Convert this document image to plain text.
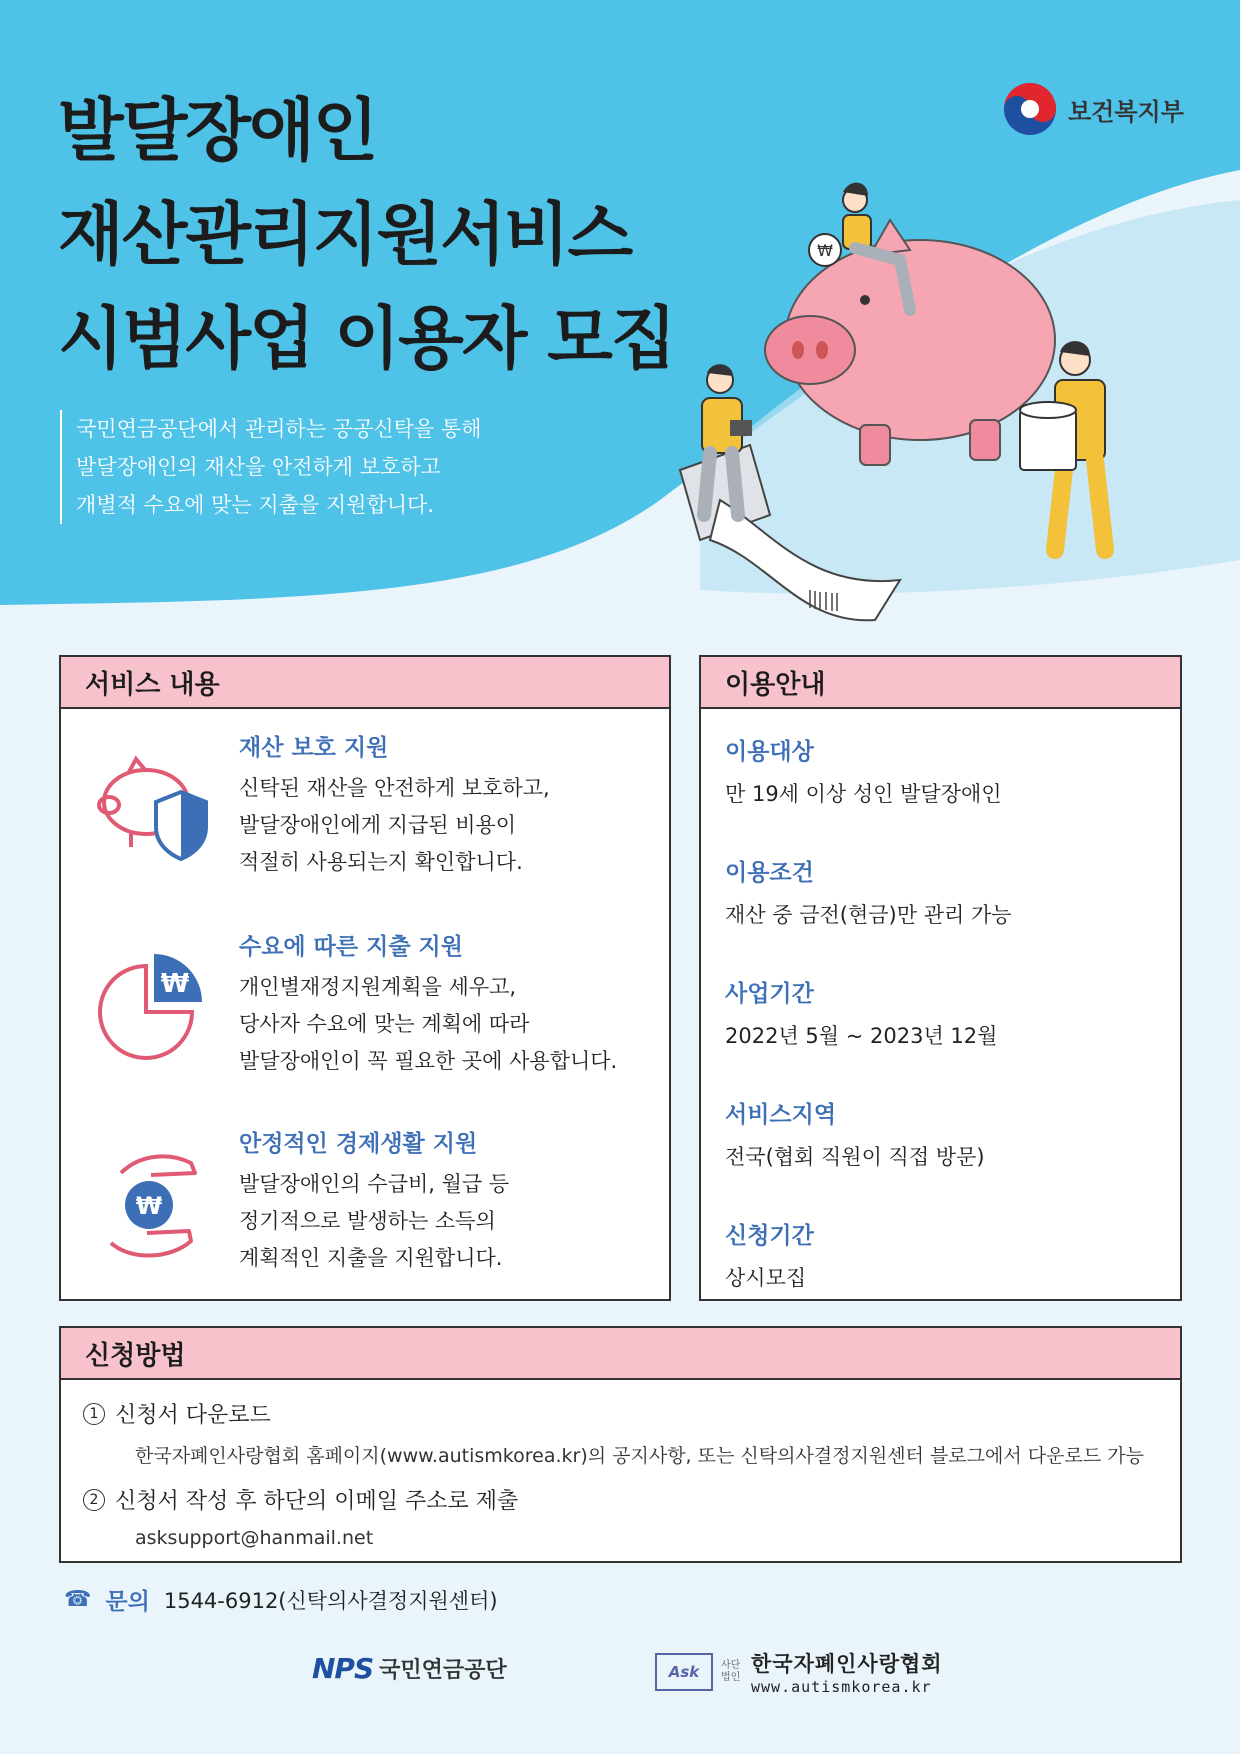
발달장애인
재산관리지원서비스
시범사업 이용자 모집
보건복지부
국민연금공단에서 관리하는 공공신탁을 통해
발달장애인의 재산을 안전하게 보호하고
개별적 수요에 맞는 지출을 지원합니다.
₩
서비스 내용
재산 보호 지원
신탁된 재산을 안전하게 보호하고,
발달장애인에게 지급된 비용이
적절히 사용되는지 확인합니다.
₩
수요에 따른 지출 지원
개인별재정지원계획을 세우고,
당사자 수요에 맞는 계획에 따라
발달장애인이 꼭 필요한 곳에 사용합니다.
₩
안정적인 경제생활 지원
발달장애인의 수급비, 월급 등
정기적으로 발생하는 소득의
계획적인 지출을 지원합니다.
이용안내
이용대상
만 19세 이상 성인 발달장애인
이용조건
재산 중 금전(현금)만 관리 가능
사업기간
2022년 5월 ~ 2023년 12월
서비스지역
전국(협회 직원이 직접 방문)
신청기간
상시모집
신청방법
1 신청서 다운로드
한국자폐인사랑협회 홈페이지(www.autismkorea.kr)의 공지사항, 또는 신탁의사결정지원센터 블로그에서 다운로드 가능
2 신청서 작성 후 하단의 이메일 주소로 제출
asksupport@hanmail.net
☎ 문의 1544-6912(신탁의사결정지원센터)
NPS 국민연금공단	Ask	사단법인
한국자폐인사랑협회
www.autismkorea.kr
